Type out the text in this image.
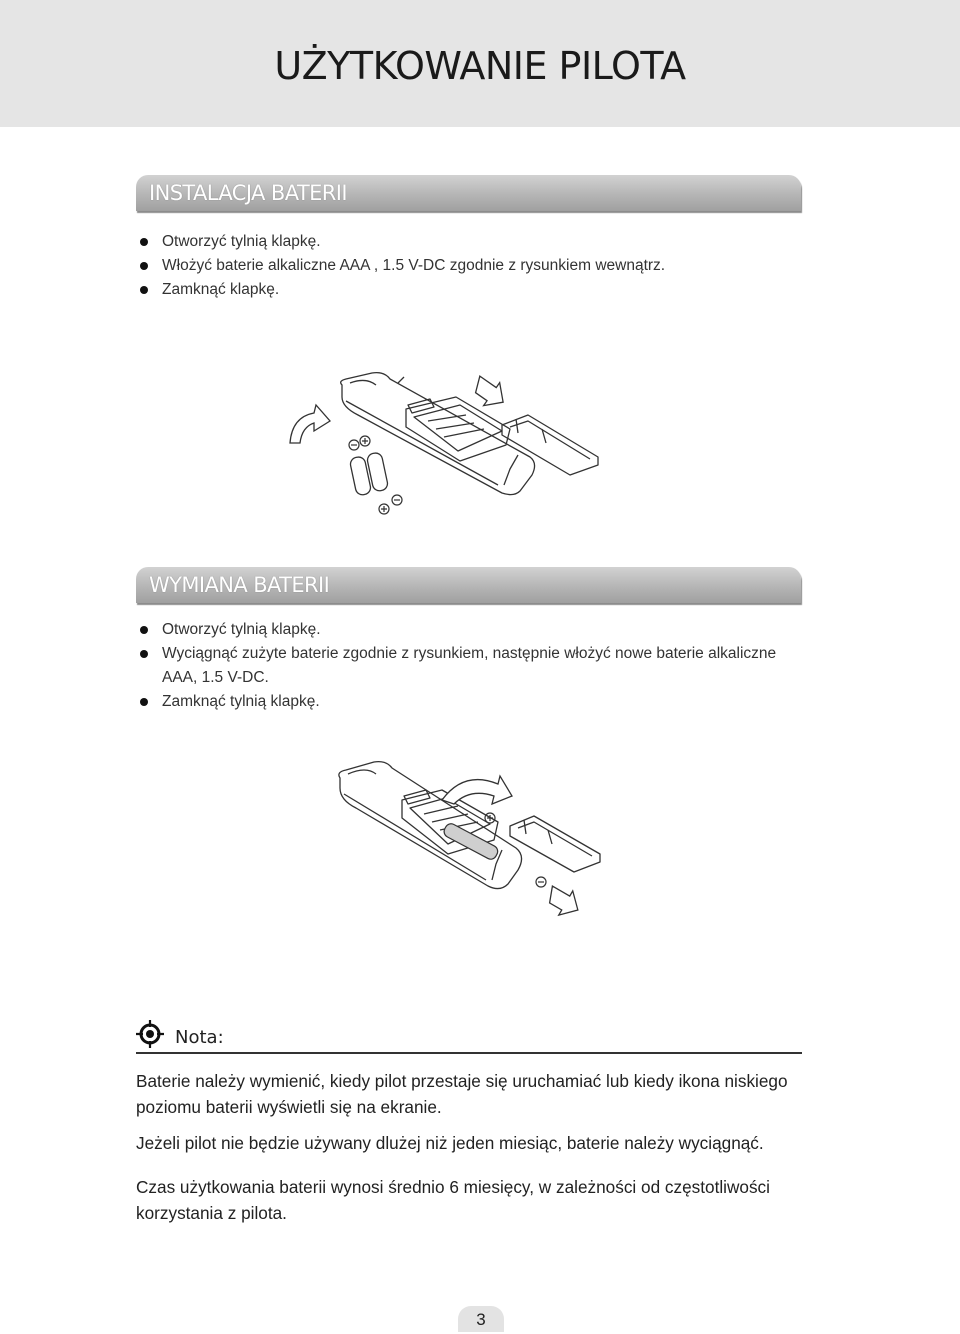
UŻYTKOWANIE PILOTA
INSTALACJA BATERII
Otworzyć tylnią klapkę.
Włożyć baterie alkaliczne AAA , 1.5 V-DC zgodnie z rysunkiem wewnątrz.
Zamknąć klapkę.
WYMIANA BATERII
Otworzyć tylnią klapkę.
Wyciągnąć zużyte baterie zgodnie z rysunkiem, następnie włożyć nowe baterie alkaliczne AAA, 1.5 V-DC.
Zamknąć tylnią klapkę.
Nota:

Baterie należy wymienić, kiedy pilot przestaje się uruchamiać lub kiedy ikona niskiego poziomu baterii wyświetli się na ekranie.

Jeżeli pilot nie będzie używany dlużej niż jeden miesiąc, baterie należy wyciągnąć.

Czas użytkowania baterii wynosi średnio 6 miesięcy, w zależności od częstotliwości korzystania z pilota.

3
